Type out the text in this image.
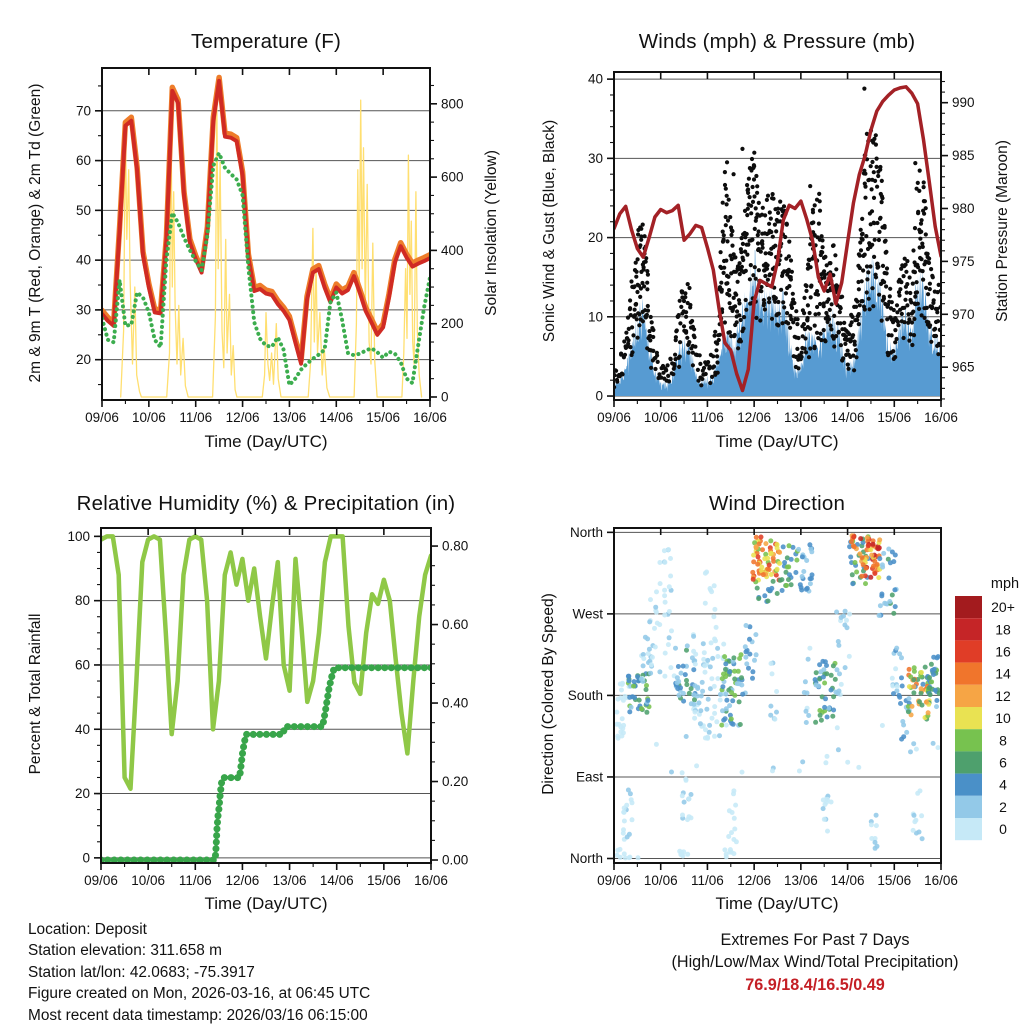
20
30
40
50
60
70
0
200
400
600
800
09/06 10/06 11/06 12/06 13/06 14/06 15/06 16/06
0
10
20
30
40
965
970
975
980
985
990
09/06 10/06 11/06 12/06 13/06 14/06 15/06 16/06
0
20
40
60
80
100
0.00
0.20
0.40
0.60
0.80
09/06 10/06 11/06 12/06 13/06 14/06 15/06 16/06
North
West
South
East
North
09/06 10/06 11/06 12/06 13/06 14/06 15/06 16/06
20+
18
16
14
12
10
8
6
4
2
0
Temperature (F)	Winds (mph) & Pressure (mb)
Relative Humidity (%) & Precipitation (in)	Wind Direction
2m & 9m T (Red, Orange) & 2m Td (Green)	Solar Insolation (Yellow)	Sonic Wind & Gust (Blue, Black)	Station Pressure (Maroon)
Percent & Total Rainfall	Direction (Colored By Speed)
Time (Day/UTC)	Time (Day/UTC)
Time (Day/UTC)	Time (Day/UTC)
mph
Location: Deposit
Station elevation: 311.658 m
Station lat/lon: 42.0683; -75.3917
Figure created on Mon, 2026-03-16, at 06:45 UTC
Most recent data timestamp: 2026/03/16 06:15:00
Extremes For Past 7 Days
(High/Low/Max Wind/Total Precipitation)
76.9/18.4/16.5/0.49
